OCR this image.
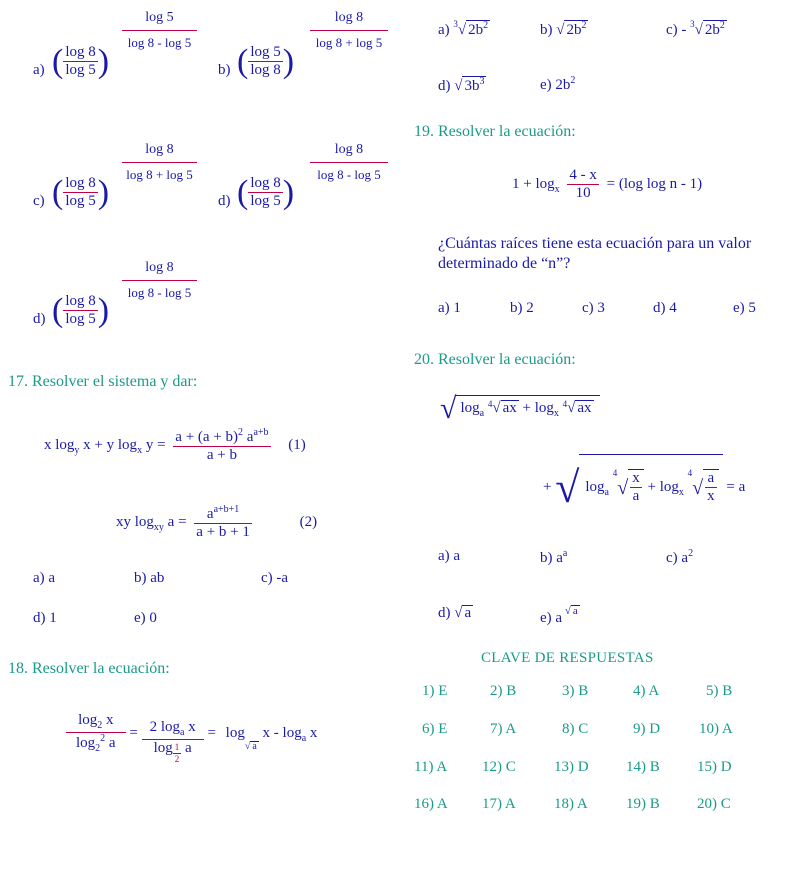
a) ( $\frac{\log 8}{\log 5}$ )
log 5
log 8 - log 5
b) ( $\frac{\log 5}{\log 8}$ )
log 8
log 8 + log 5
c) ( $\frac{\log 8}{\log 5}$ )
log 8
log 8 + log 5
d) ( $\frac{\log 8}{\log 5}$ )
log 8
log 8 - log 5
d) ( $\frac{\log 8}{\log 5}$ )
log 8
log 8 - log 5
17. Resolver el sistema y dar:
x $\log_y x + y$ $\log_x y = \frac{a + (a + b)^2 a^{a+b}}{a + b} (1)$
xy $\log_{xy} a = \frac{a^{a+b+1}}{a + b + 1}$	(2)
a) a	b) ab	c) -a
d) 1	e) 0
18. Resolver la ecuación:
$\frac{\log_2 x}{\log_2^2 a} = \frac{2 \log_a x}{\log \frac{1}{2} a} = \log_{√ a} x - \log_a x$
a) $^3$√ $2b^2$	b) √ $2b^2$	c) - $^3$√ $2b^2$
d) √ $3b^3$	e) $2b^2$
19. Resolver la ecuación:
$1 + \log_x \frac{4 - x}{10} = (\log$ log n - 1)
¿Cuántas raíces tiene esta ecuación para un valor
determinado de “n”?
a) 1	b) 2	c) 3	d) 4	e) 5
20. Resolver la ecuación:
√ $\log_a ^4√$ ax + $\log_x ^4√$ ax
+ √ $\log_a ^4√ \frac{x}{a} + \log_x ^4√ \frac{a}{x} = a$
a) a	b) $a^a$	c) $a^2$
d) √ a	e) a $^{√ a}$
CLAVE DE RESPUESTAS
1) E	2) B	3) B	4) A	5) B
6) E	7) A	8) C	9) D	10) A
11) A 12) C	13) D 14) B 15) D
16) A 17) A	18) A	19) B 20) C
